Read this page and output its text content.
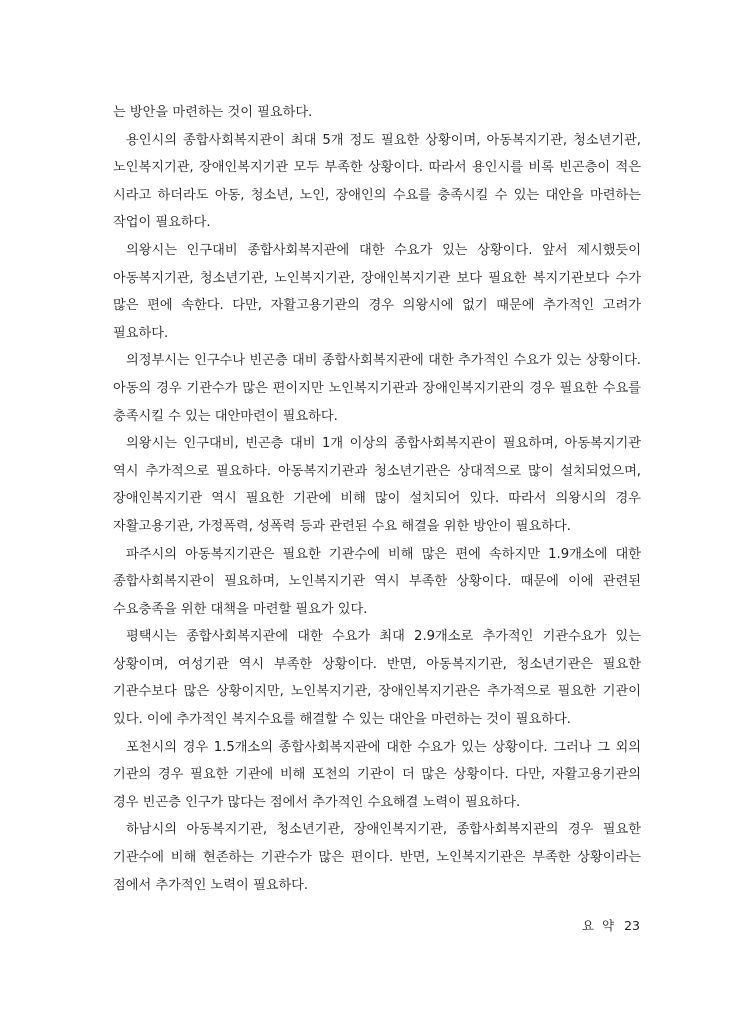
는 방안을 마련하는 것이 필요하다.

용인시의 종합사회복지관이 최대 5개 정도 필요한 상황이며, 아동복지기관, 청소년기관, 노인복지기관, 장애인복지기관 모두 부족한 상황이다. 따라서 용인시를 비록 빈곤층이 적은 시라고 하더라도 아동, 청소년, 노인, 장애인의 수요를 충족시킬 수 있는 대안을 마련하는 작업이 필요하다.

의왕시는 인구대비 종합사회복지관에 대한 수요가 있는 상황이다. 앞서 제시했듯이 아동복지기관, 청소년기관, 노인복지기관, 장애인복지기관 보다 필요한 복지기관보다 수가 많은 편에 속한다. 다만, 자활고용기관의 경우 의왕시에 없기 때문에 추가적인 고려가 필요하다.

의정부시는 인구수나 빈곤층 대비 종합사회복지관에 대한 추가적인 수요가 있는 상황이다. 아동의 경우 기관수가 많은 편이지만 노인복지기관과 장애인복지기관의 경우 필요한 수요를 충족시킬 수 있는 대안마련이 필요하다.

의왕시는 인구대비, 빈곤층 대비 1개 이상의 종합사회복지관이 필요하며, 아동복지기관 역시 추가적으로 필요하다. 아동복지기관과 청소년기관은 상대적으로 많이 설치되었으며, 장애인복지기관 역시 필요한 기관에 비해 많이 설치되어 있다. 따라서 의왕시의 경우 자활고용기관, 가정폭력, 성폭력 등과 관련된 수요 해결을 위한 방안이 필요하다.

파주시의 아동복지기관은 필요한 기관수에 비해 많은 편에 속하지만 1.9개소에 대한 종합사회복지관이 필요하며, 노인복지기관 역시 부족한 상황이다. 때문에 이에 관련된 수요충족을 위한 대책을 마련할 필요가 있다.

평택시는 종합사회복지관에 대한 수요가 최대 2.9개소로 추가적인 기관수요가 있는 상황이며, 여성기관 역시 부족한 상황이다. 반면, 아동복지기관, 청소년기관은 필요한 기관수보다 많은 상황이지만, 노인복지기관, 장애인복지기관은 추가적으로 필요한 기관이 있다. 이에 추가적인 복지수요를 해결할 수 있는 대안을 마련하는 것이 필요하다.

포천시의 경우 1.5개소의 종합사회복지관에 대한 수요가 있는 상황이다. 그러나 그 외의 기관의 경우 필요한 기관에 비해 포천의 기관이 더 많은 상황이다. 다만, 자활고용기관의 경우 빈곤층 인구가 많다는 점에서 추가적인 수요해결 노력이 필요하다.

하남시의 아동복지기관, 청소년기관, 장애인복지기관, 종합사회복지관의 경우 필요한 기관수에 비해 현존하는 기관수가 많은 편이다. 반면, 노인복지기관은 부족한 상황이라는 점에서 추가적인 노력이 필요하다.

요 약 23
